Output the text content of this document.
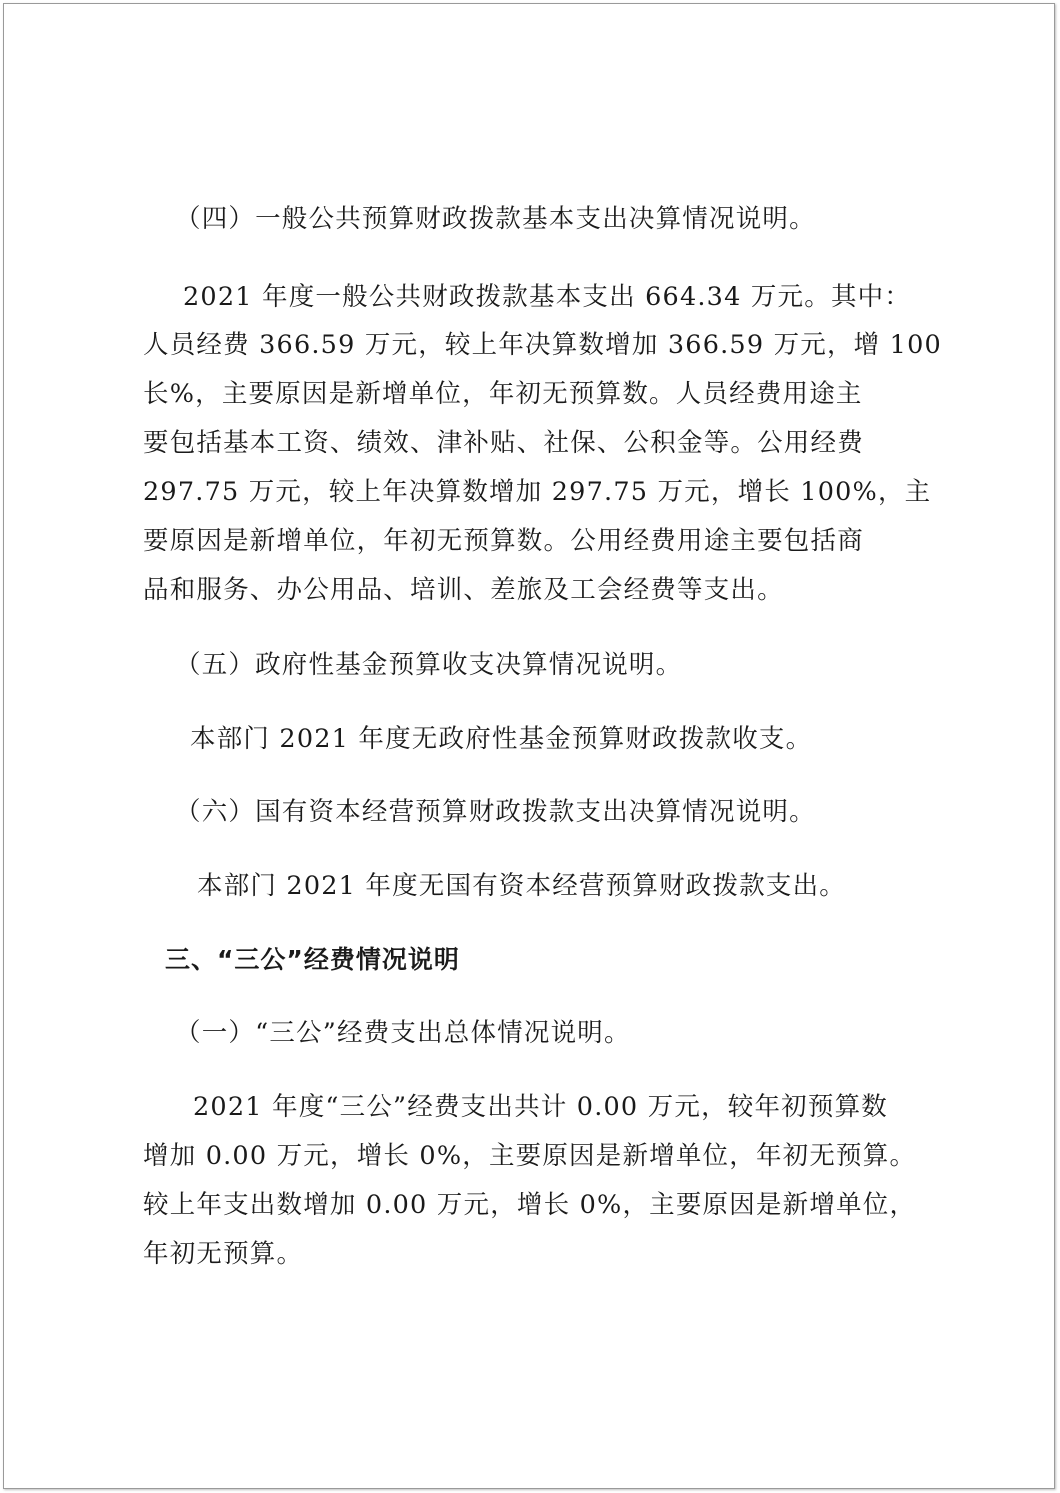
（四）一般公共预算财政拨款基本支出决算情况说明。
2021 年度一般公共财政拨款基本支出 664.34 万元。其中：
人员经费 366.59 万元，较上年决算数增加 366.59 万元，增 100
长%，主要原因是新增单位，年初无预算数。人员经费用途主
要包括基本工资、绩效、津补贴、社保、公积金等。公用经费
297.75 万元，较上年决算数增加 297.75 万元，增长 100%，主
要原因是新增单位，年初无预算数。公用经费用途主要包括商
品和服务、办公用品、培训、差旅及工会经费等支出。
（五）政府性基金预算收支决算情况说明。
本部门 2021 年度无政府性基金预算财政拨款收支。
（六）国有资本经营预算财政拨款支出决算情况说明。
本部门 2021 年度无国有资本经营预算财政拨款支出。
三、“三公”经费情况说明
（一）“三公”经费支出总体情况说明。
2021 年度“三公”经费支出共计 0.00 万元，较年初预算数
增加 0.00 万元，增长 0%，主要原因是新增单位，年初无预算。
较上年支出数增加 0.00 万元，增长 0%，主要原因是新增单位，
年初无预算。
